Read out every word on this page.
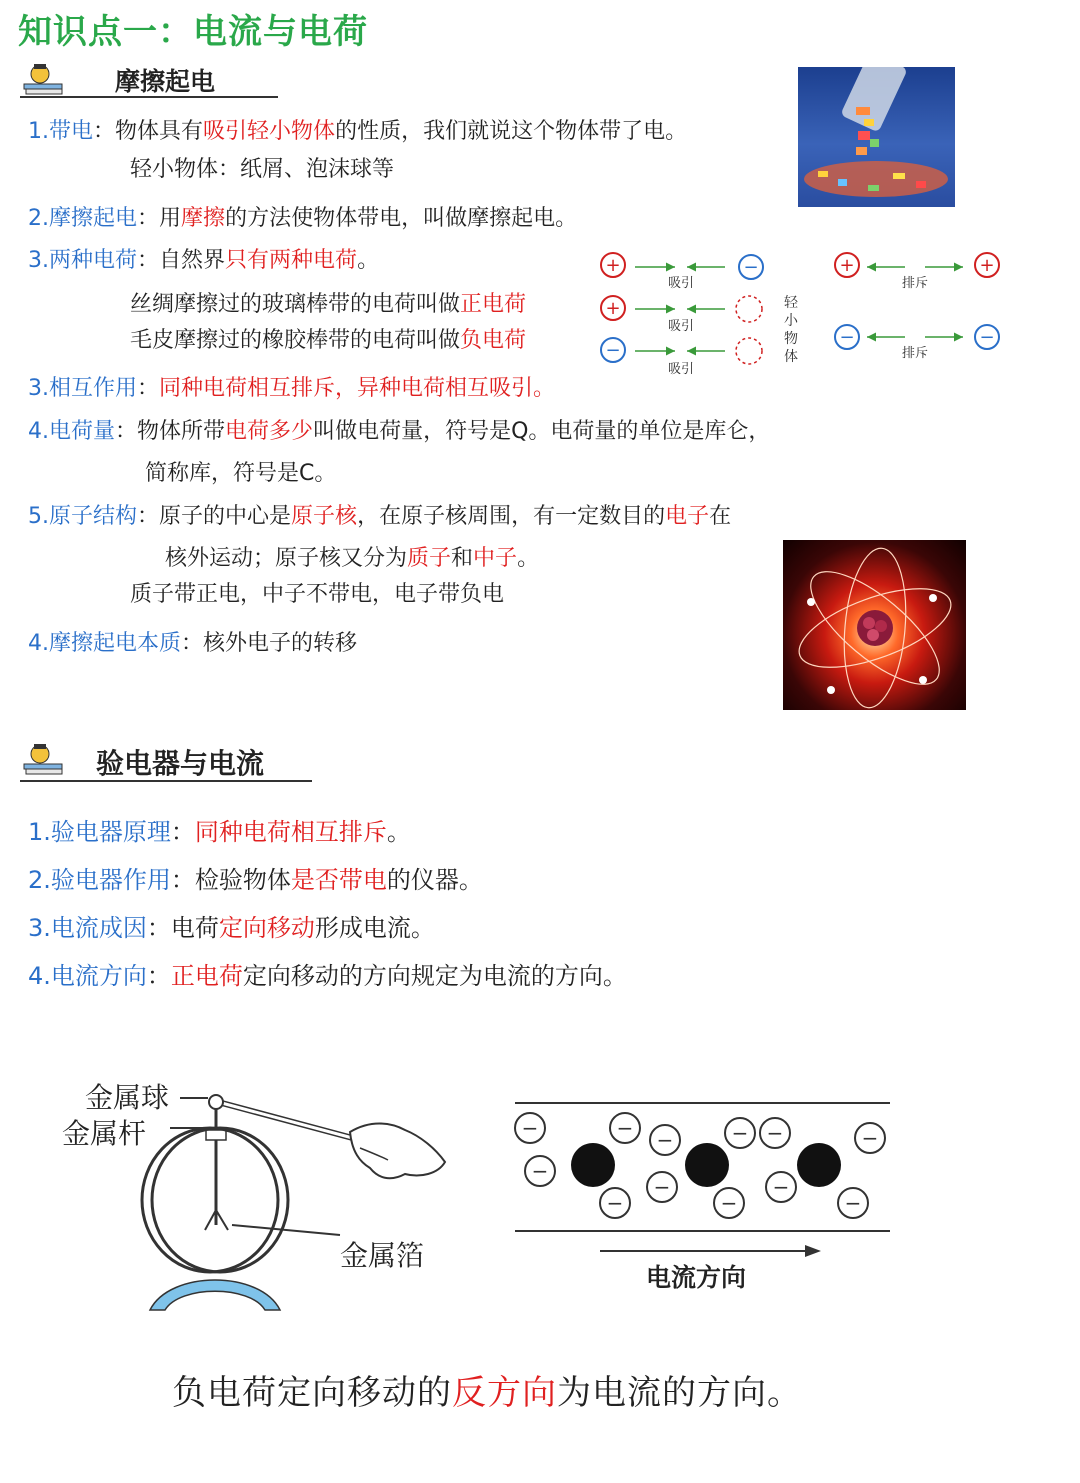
知识点一：电流与电荷
摩擦起电
1.带电：物体具有吸引轻小物体的性质，我们就说这个物体带了电。
轻小物体：纸屑、泡沫球等
2.摩擦起电：用摩擦的方法使物体带电，叫做摩擦起电。
3.两种电荷：自然界只有两种电荷。
丝绸摩擦过的玻璃棒带的电荷叫做正电荷
毛皮摩擦过的橡胶棒带的电荷叫做负电荷
3.相互作用：同种电荷相互排斥，异种电荷相互吸引。
4.电荷量：物体所带电荷多少叫做电荷量，符号是Q。电荷量的单位是库仑，
简称库，符号是C。
5.原子结构：原子的中心是原子核，在原子核周围，有一定数目的电子在
核外运动；原子核又分为质子和中子。
质子带正电，中子不带电，电子带负电
4.摩擦起电本质：核外电子的转移
+	−
吸引
+
吸引
−
吸引
轻
小
物
体
+	+
排斥
−	−
排斥
验电器与电流
1.验电器原理：同种电荷相互排斥。
2.验电器作用：检验物体是否带电的仪器。
3.电流成因：电荷定向移动形成电流。
4.电流方向：正电荷定向移动的方向规定为电流的方向。
金属球
金属杆
金属箔
−	− −	− −	−
−
−	−
−	−	−
电流方向
负电荷定向移动的反方向为电流的方向。
